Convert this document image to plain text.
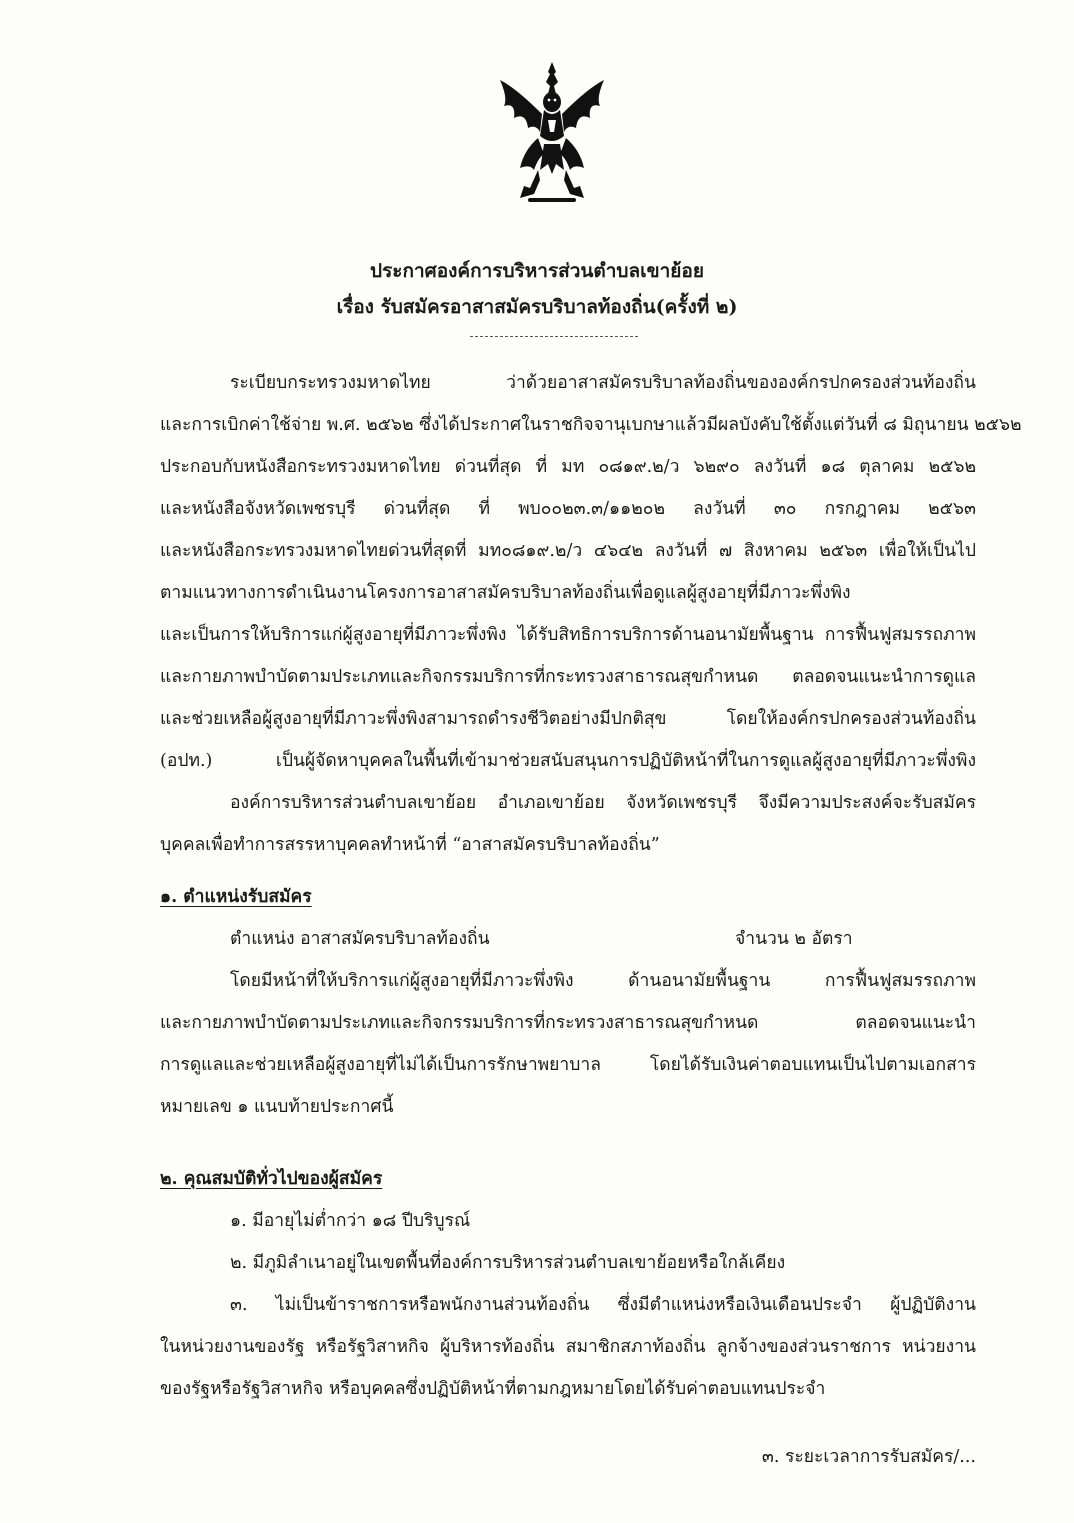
ประกาศองค์การบริหารส่วนตำบลเขาย้อย
เรื่อง รับสมัครอาสาสมัครบริบาลท้องถิ่น(ครั้งที่ ๒)
ระเบียบกระทรวงมหาดไทย ว่าด้วยอาสาสมัครบริบาลท้องถิ่นขององค์กรปกครองส่วนท้องถิ่น
และการเบิกค่าใช้จ่าย พ.ศ. ๒๕๖๒ ซึ่งได้ประกาศในราชกิจจานุเบกษาแล้วมีผลบังคับใช้ตั้งแต่วันที่ ๘ มิถุนายน ๒๕๖๒
ประกอบกับหนังสือกระทรวงมหาดไทย ด่วนที่สุด ที่ มท ๐๘๑๙.๒/ว ๖๒๙๐ ลงวันที่ ๑๘ ตุลาคม ๒๕๖๒
และหนังสือจังหวัดเพชรบุรี ด่วนที่สุด ที่ พบ๐๐๒๓.๓/๑๑๒๐๒ ลงวันที่ ๓๐ กรกฎาคม ๒๕๖๓
และหนังสือกระทรวงมหาดไทยด่วนที่สุดที่ มท๐๘๑๙.๒/ว ๔๖๔๒ ลงวันที่ ๗ สิงหาคม ๒๕๖๓ เพื่อให้เป็นไป
ตามแนวทางการดำเนินงานโครงการอาสาสมัครบริบาลท้องถิ่นเพื่อดูแลผู้สูงอายุที่มีภาวะพึ่งพิง
และเป็นการให้บริการแก่ผู้สูงอายุที่มีภาวะพึ่งพิง ได้รับสิทธิการบริการด้านอนามัยพื้นฐาน การฟื้นฟูสมรรถภาพ
และกายภาพบำบัดตามประเภทและกิจกรรมบริการที่กระทรวงสาธารณสุขกำหนด ตลอดจนแนะนำการดูแล
และช่วยเหลือผู้สูงอายุที่มีภาวะพึ่งพิงสามารถดำรงชีวิตอย่างมีปกติสุข โดยให้องค์กรปกครองส่วนท้องถิ่น
(อปท.) เป็นผู้จัดหาบุคคลในพื้นที่เข้ามาช่วยสนับสนุนการปฏิบัติหน้าที่ในการดูแลผู้สูงอายุที่มีภาวะพึ่งพิง
องค์การบริหารส่วนตำบลเขาย้อย อำเภอเขาย้อย จังหวัดเพชรบุรี จึงมีความประสงค์จะรับสมัคร
บุคคลเพื่อทำการสรรหาบุคคลทำหน้าที่ “อาสาสมัครบริบาลท้องถิ่น”
๑. ตำแหน่งรับสมัคร
ตำแหน่ง อาสาสมัครบริบาลท้องถิ่น	จำนวน ๒ อัตรา
โดยมีหน้าที่ให้บริการแก่ผู้สูงอายุที่มีภาวะพึ่งพิง ด้านอนามัยพื้นฐาน การฟื้นฟูสมรรถภาพ
และกายภาพบำบัดตามประเภทและกิจกรรมบริการที่กระทรวงสาธารณสุขกำหนด ตลอดจนแนะนำ
การดูแลและช่วยเหลือผู้สูงอายุที่ไม่ได้เป็นการรักษาพยาบาล โดยได้รับเงินค่าตอบแทนเป็นไปตามเอกสาร
หมายเลข ๑ แนบท้ายประกาศนี้
๒. คุณสมบัติทั่วไปของผู้สมัคร
๑. มีอายุไม่ต่ำกว่า ๑๘ ปีบริบูรณ์
๒. มีภูมิลำเนาอยู่ในเขตพื้นที่องค์การบริหารส่วนตำบลเขาย้อยหรือใกล้เคียง
๓. ไม่เป็นข้าราชการหรือพนักงานส่วนท้องถิ่น ซึ่งมีตำแหน่งหรือเงินเดือนประจำ ผู้ปฏิบัติงาน
ในหน่วยงานของรัฐ หรือรัฐวิสาหกิจ ผู้บริหารท้องถิ่น สมาชิกสภาท้องถิ่น ลูกจ้างของส่วนราชการ หน่วยงาน
ของรัฐหรือรัฐวิสาหกิจ หรือบุคคลซึ่งปฏิบัติหน้าที่ตามกฎหมายโดยได้รับค่าตอบแทนประจำ
๓. ระยะเวลาการรับสมัคร/...
